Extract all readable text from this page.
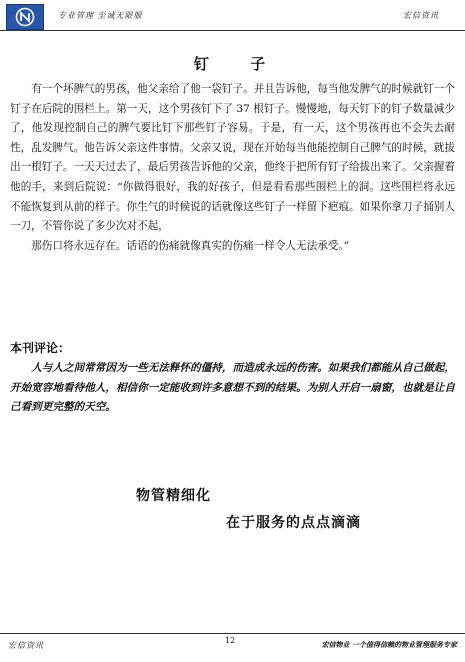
专业管理 至诚无限服	宏信资讯
钉 子

有一个坏脾气的男孩，他父亲给了他一袋钉子。并且告诉他，每当他发脾气的时候就钉一个钉子在后院的围栏上。第一天，这个男孩钉下了 37 根钉子。慢慢地，每天钉下的钉子数量减少了，他发现控制自己的脾气要比钉下那些钉子容易。于是，有一天，这个男孩再也不会失去耐性，乱发脾气。他告诉父亲这件事情。父亲又说，现在开始每当他能控制自己脾气的时候，就拔出一根钉子。一天天过去了，最后男孩告诉他的父亲，他终于把所有钉子给拔出来了。父亲握着他的手，来到后院说：“你做得很好，我的好孩子，但是看看那些围栏上的洞。这些围栏将永远不能恢复到从前的样子。你生气的时候说的话就像这些钉子一样留下疤痕。如果你拿刀子捅别人一刀，不管你说了多少次对不起，

那伤口将永远存在。话语的伤痛就像真实的伤痛一样令人无法承受。”

本刊评论：

人与人之间常常因为一些无法释怀的僵持，而造成永远的伤害。如果我们都能从自己做起，开始宽容地看待他人，相信你一定能收到许多意想不到的结果。为别人开启一扇窗，也就是让自己看到更完整的天空。

物管精细化
在于服务的点点滴滴
宏信资讯
12	宏信物业 一个值得信赖的物业管理服务专家
